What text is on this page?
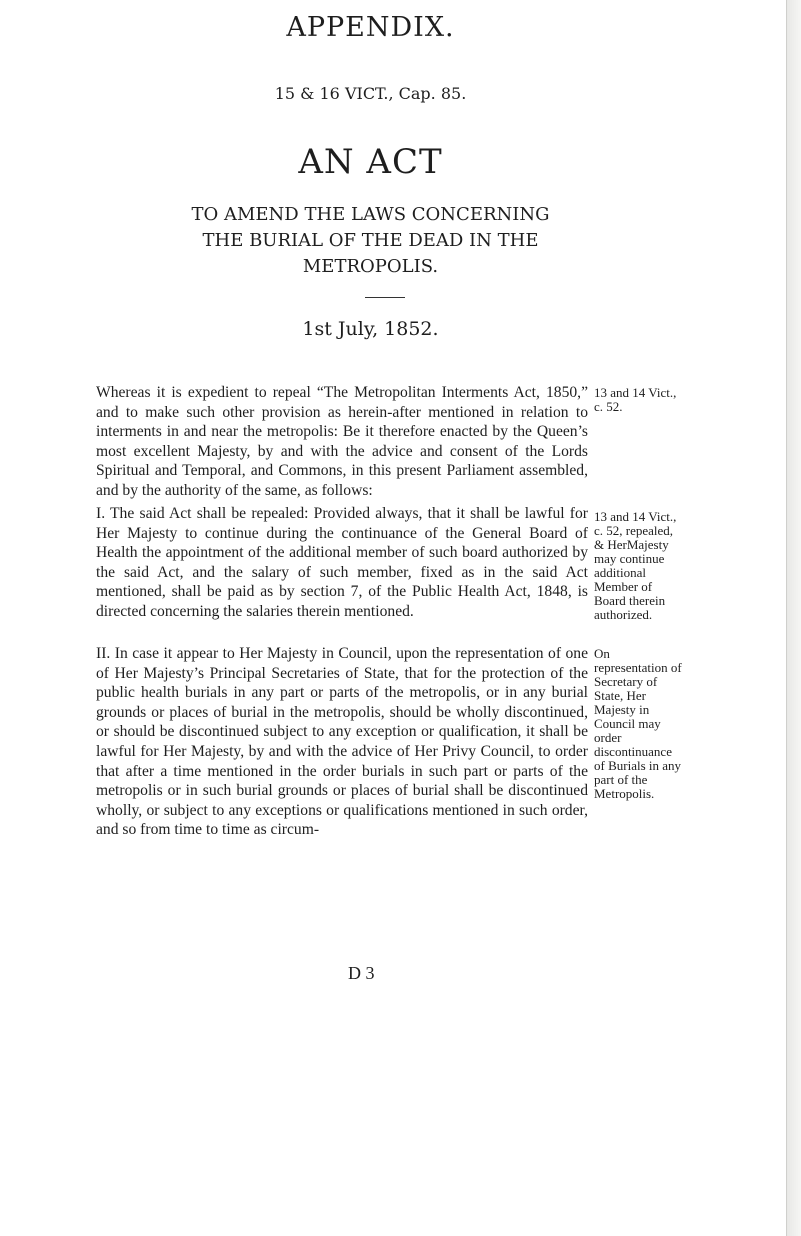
APPENDIX.
15 & 16 VICT., Cap. 85.
AN ACT
TO AMEND THE LAWS CONCERNING THE BURIAL OF THE DEAD IN THE METROPOLIS.
1st July, 1852.

Whereas it is expedient to repeal “The Metropolitan Interments Act, 1850,” and to make such other provision as herein-after mentioned in relation to interments in and near the metropolis: Be it therefore enacted by the Queen’s most excellent Majesty, by and with the advice and consent of the Lords Spiritual and Temporal, and Commons, in this present Parliament assembled, and by the authority of the same, as follows:

13 and 14 Vict., c. 52.

I. The said Act shall be repealed: Provided always, that it shall be lawful for Her Majesty to continue during the continuance of the General Board of Health the appointment of the additional member of such board authorized by the said Act, and the salary of such member, fixed as in the said Act mentioned, shall be paid as by section 7, of the Public Health Act, 1848, is directed concerning the salaries therein mentioned.

13 and 14 Vict., c. 52, repealed, & HerMajesty may continue additional Member of Board therein authorized.

II. In case it appear to Her Majesty in Council, upon the representation of one of Her Majesty’s Principal Secretaries of State, that for the protection of the public health burials in any part or parts of the metropolis, or in any burial grounds or places of burial in the metropolis, should be wholly discontinued, or should be discontinued subject to any exception or qualification, it shall be lawful for Her Majesty, by and with the advice of Her Privy Council, to order that after a time mentioned in the order burials in such part or parts of the metropolis or in such burial grounds or places of burial shall be discontinued wholly, or subject to any exceptions or qualifications mentioned in such order, and so from time to time as circum-

On representation of Secretary of State, Her Majesty in Council may order discontinuance of Burials in any part of the Metropolis.

D 3
